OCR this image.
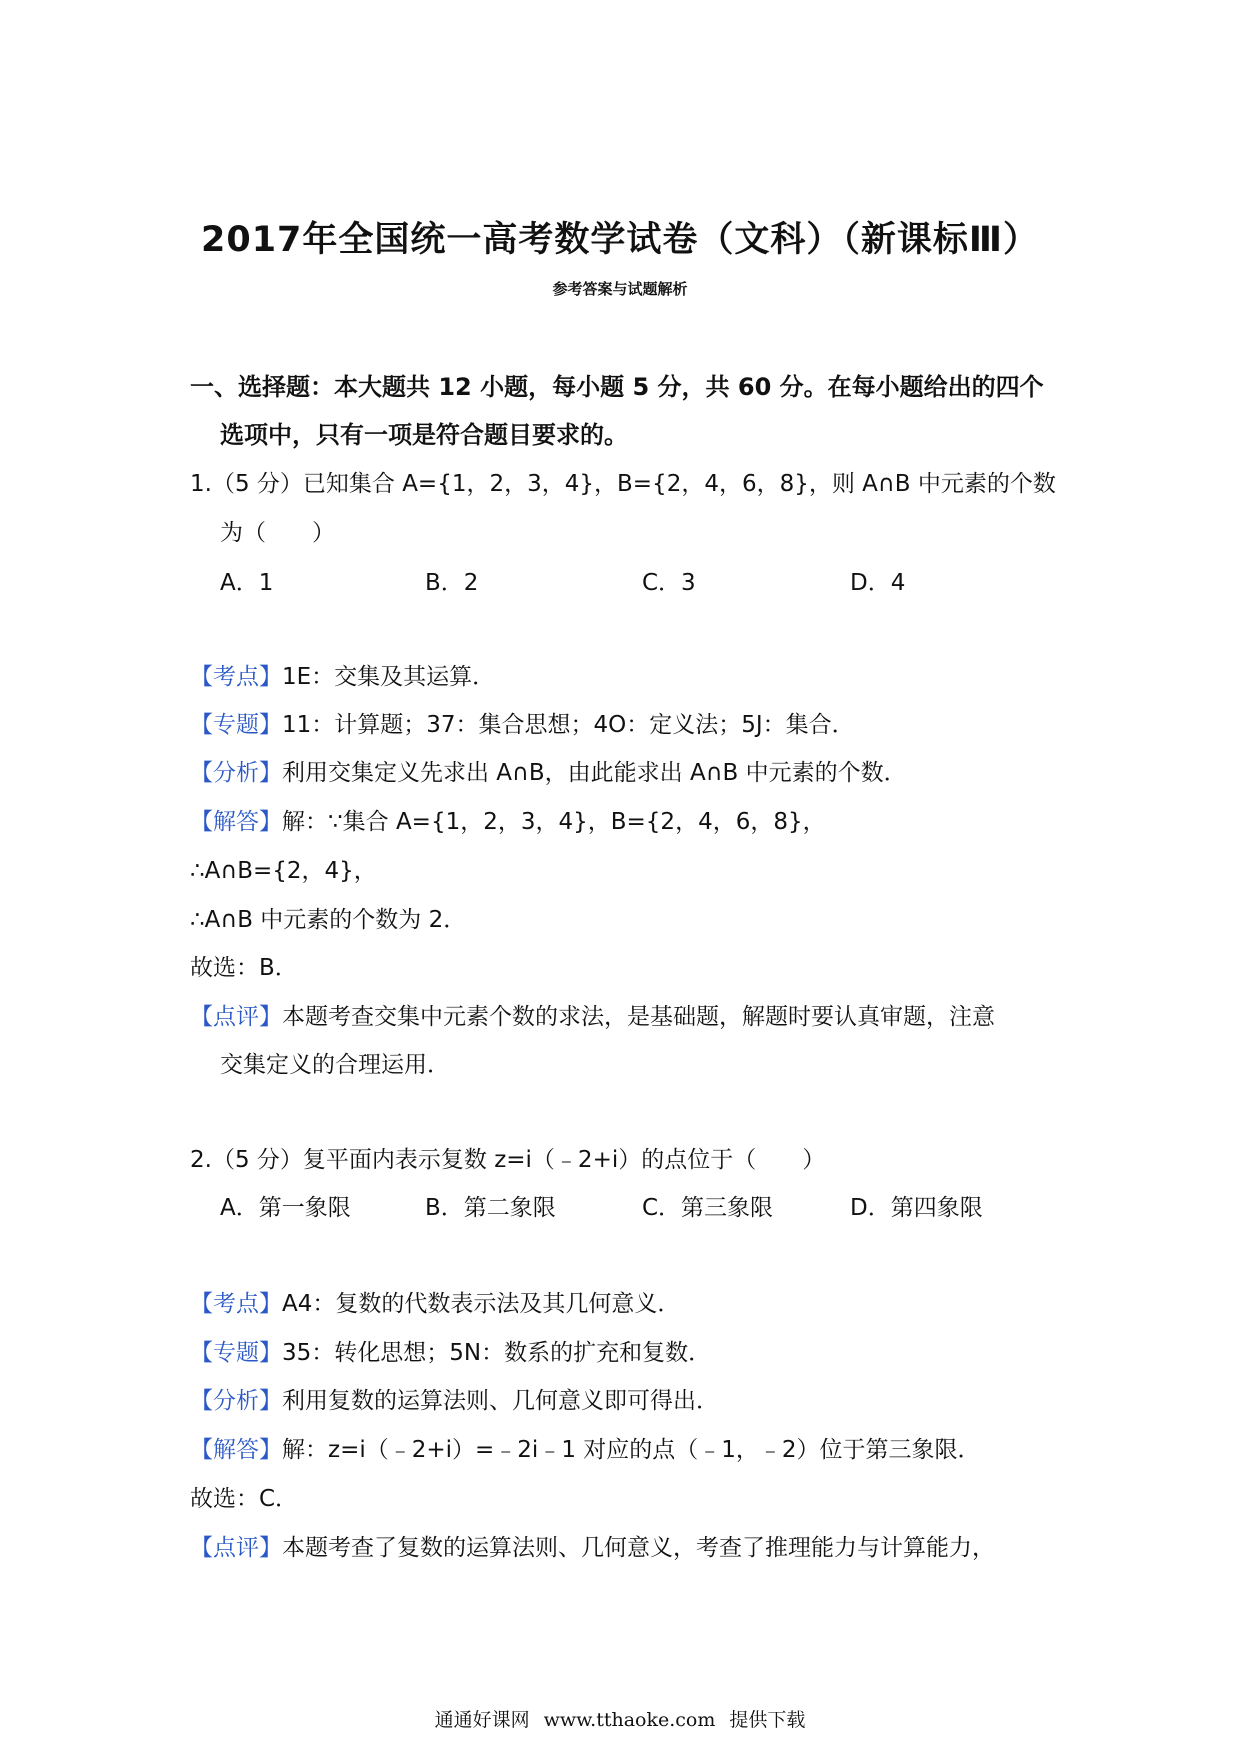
2017年全国统一高考数学试卷（文科）（新课标Ⅲ）
参考答案与试题解析
一、选择题：本大题共 12 小题，每小题 5 分，共 60 分。在每小题给出的四个
选项中，只有一项是符合题目要求的。
1.（5 分）已知集合 A={1，2，3，4}，B={2，4，6，8}，则 A∩B 中元素的个数
为（　　）
A．1	B．2	C．3	D．4
【考点】1E：交集及其运算．
【专题】11：计算题；37：集合思想；4O：定义法；5J：集合．
【分析】利用交集定义先求出 A∩B，由此能求出 A∩B 中元素的个数．
【解答】解：∵集合 A={1，2，3，4}，B={2，4，6，8}，
∴A∩B={2，4}，
∴A∩B 中元素的个数为 2．
故选：B．
【点评】本题考查交集中元素个数的求法，是基础题，解题时要认真审题，注意
交集定义的合理运用．
2.（5 分）复平面内表示复数 z=i（﹣2+i）的点位于（　　）
A．第一象限	B．第二象限	C．第三象限	D．第四象限
【考点】A4：复数的代数表示法及其几何意义．
【专题】35：转化思想；5N：数系的扩充和复数．
【分析】利用复数的运算法则、几何意义即可得出．
【解答】解：z=i（﹣2+i）=﹣2i﹣1 对应的点（﹣1，﹣2）位于第三象限．
故选：C．
【点评】本题考查了复数的运算法则、几何意义，考查了推理能力与计算能力，
通通好课网 www.tthaoke.com 提供下载
